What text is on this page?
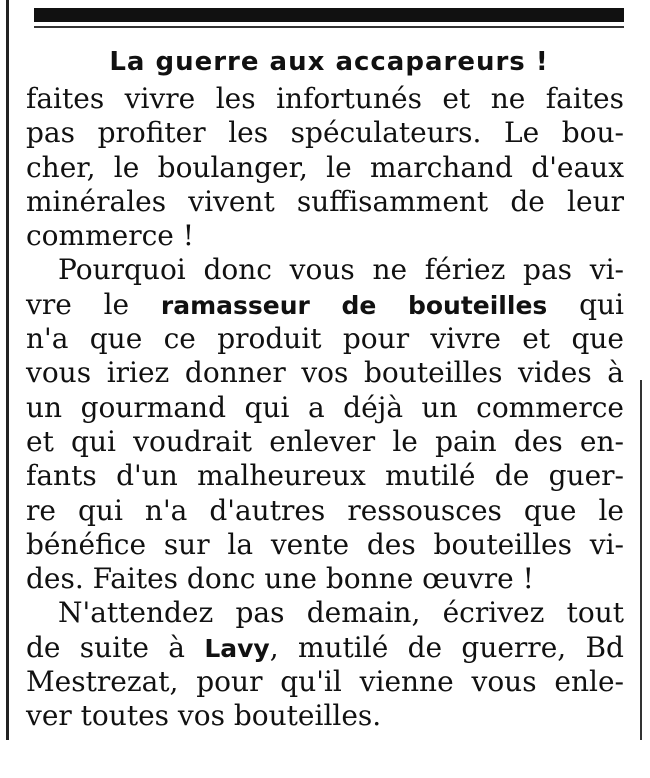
La guerre aux accapareurs !
faites vivre les infortunés et ne faites
pas profiter les spéculateurs. Le bou-
cher, le boulanger, le marchand d'eaux
minérales vivent suffisamment de leur
commerce !
Pourquoi donc vous ne fériez pas vi-
vre le ramasseur de bouteilles qui
n'a que ce produit pour vivre et que
vous iriez donner vos bouteilles vides à
un gourmand qui a déjà un commerce
et qui voudrait enlever le pain des en-
fants d'un malheureux mutilé de guer-
re qui n'a d'autres ressousces que le
bénéfice sur la vente des bouteilles vi-
des. Faites donc une bonne œuvre !
N'attendez pas demain, écrivez tout
de suite à Lavy, mutilé de guerre, Bd
Mestrezat, pour qu'il vienne vous enle-
ver toutes vos bouteilles.
